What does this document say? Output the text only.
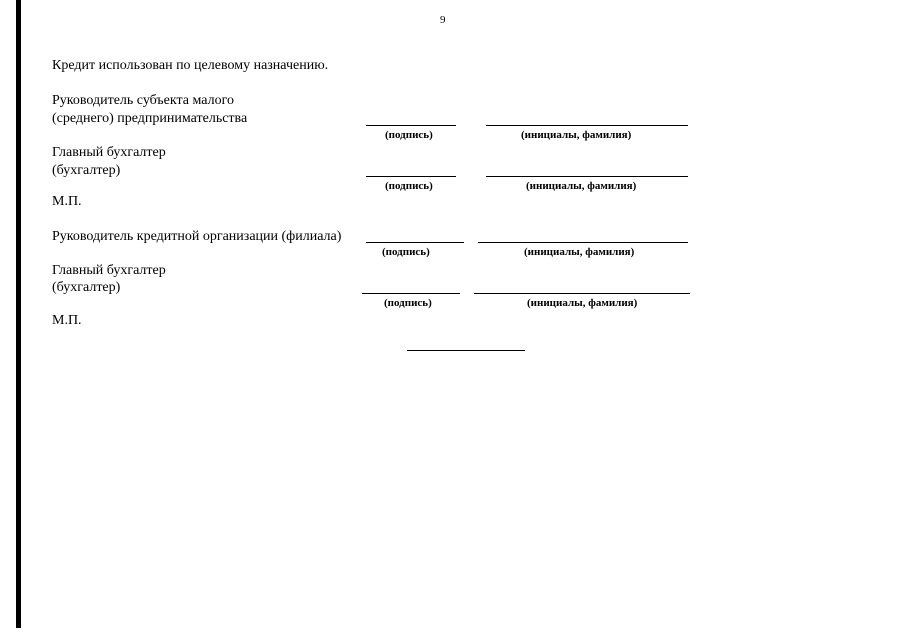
9
Кредит использован по целевому назначению.
Руководитель субъекта малого
(среднего) предпринимательства
(подпись)	(инициалы, фамилия)
Главный бухгалтер
(бухгалтер)
(подпись)	(инициалы, фамилия)
М.П.
Руководитель кредитной организации (филиала)
(подпись)	(инициалы, фамилия)
Главный бухгалтер
(бухгалтер)
(подпись)	(инициалы, фамилия)
М.П.
